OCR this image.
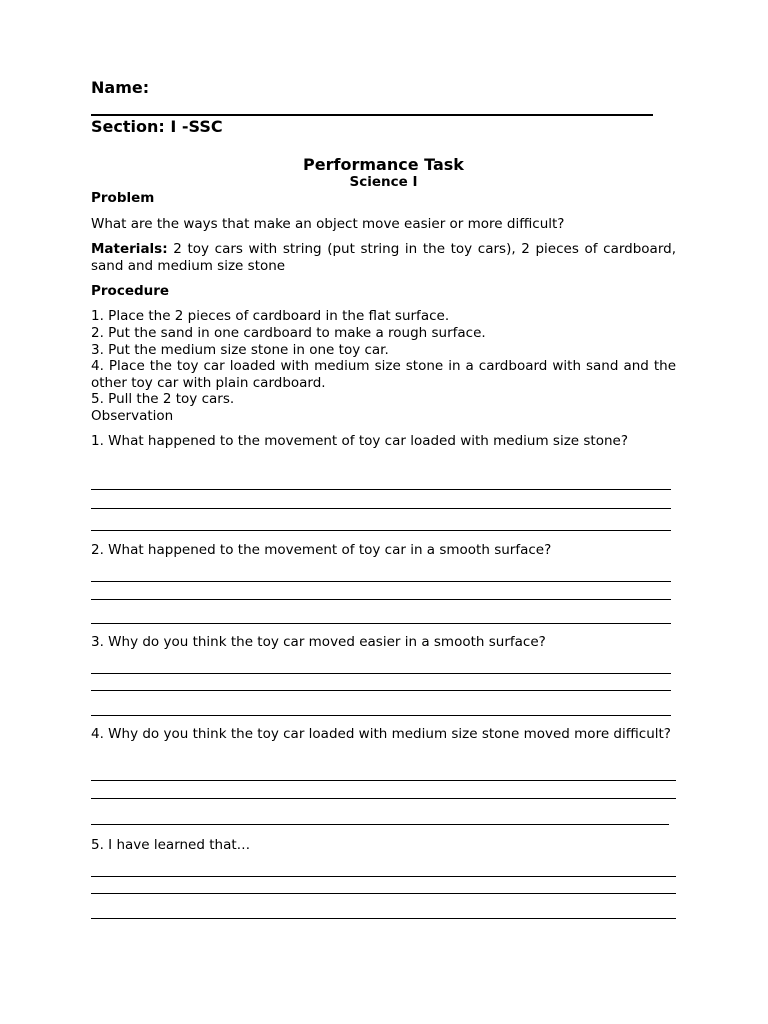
Name:
Section: I -SSC
Performance Task
Science I
Problem
What are the ways that make an object move easier or more difficult?
Materials: 2 toy cars with string (put string in the toy cars), 2 pieces of cardboard, sand and medium size stone
Procedure
1. Place the 2 pieces of cardboard in the flat surface.
2. Put the sand in one cardboard to make a rough surface.
3. Put the medium size stone in one toy car.
4. Place the toy car loaded with medium size stone in a cardboard with sand and the other toy car with plain cardboard.
5. Pull the 2 toy cars.
Observation
1. What happened to the movement of toy car loaded with medium size stone?
2. What happened to the movement of toy car in a smooth surface?
3. Why do you think the toy car moved easier in a smooth surface?
4. Why do you think the toy car loaded with medium size stone moved more difficult?
5. I have learned that…
